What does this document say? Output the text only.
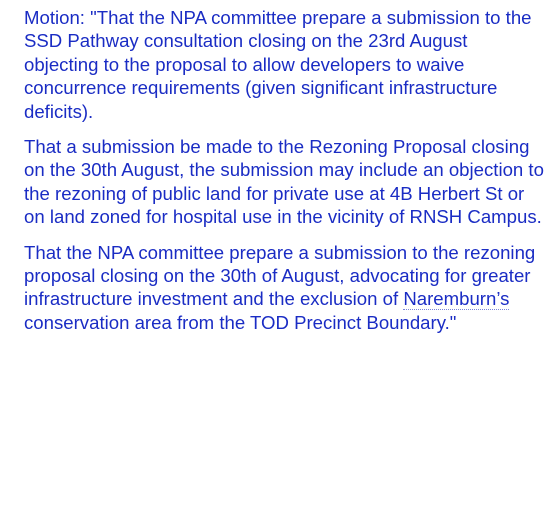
Motion: "That the NPA committee prepare a submission to the SSD Pathway consultation closing on the 23rd August objecting to the proposal to allow developers to waive concurrence requirements (given significant infrastructure deficits).

That a submission be made to the Rezoning Proposal closing on the 30th August, the submission may include an objection to the rezoning of public land for private use at 4B Herbert St or on land zoned for hospital use in the vicinity of RNSH Campus.

That the NPA committee prepare a submission to the rezoning proposal closing on the 30th of August, advocating for greater infrastructure investment and the exclusion of Naremburn’s conservation area from the TOD Precinct Boundary."
